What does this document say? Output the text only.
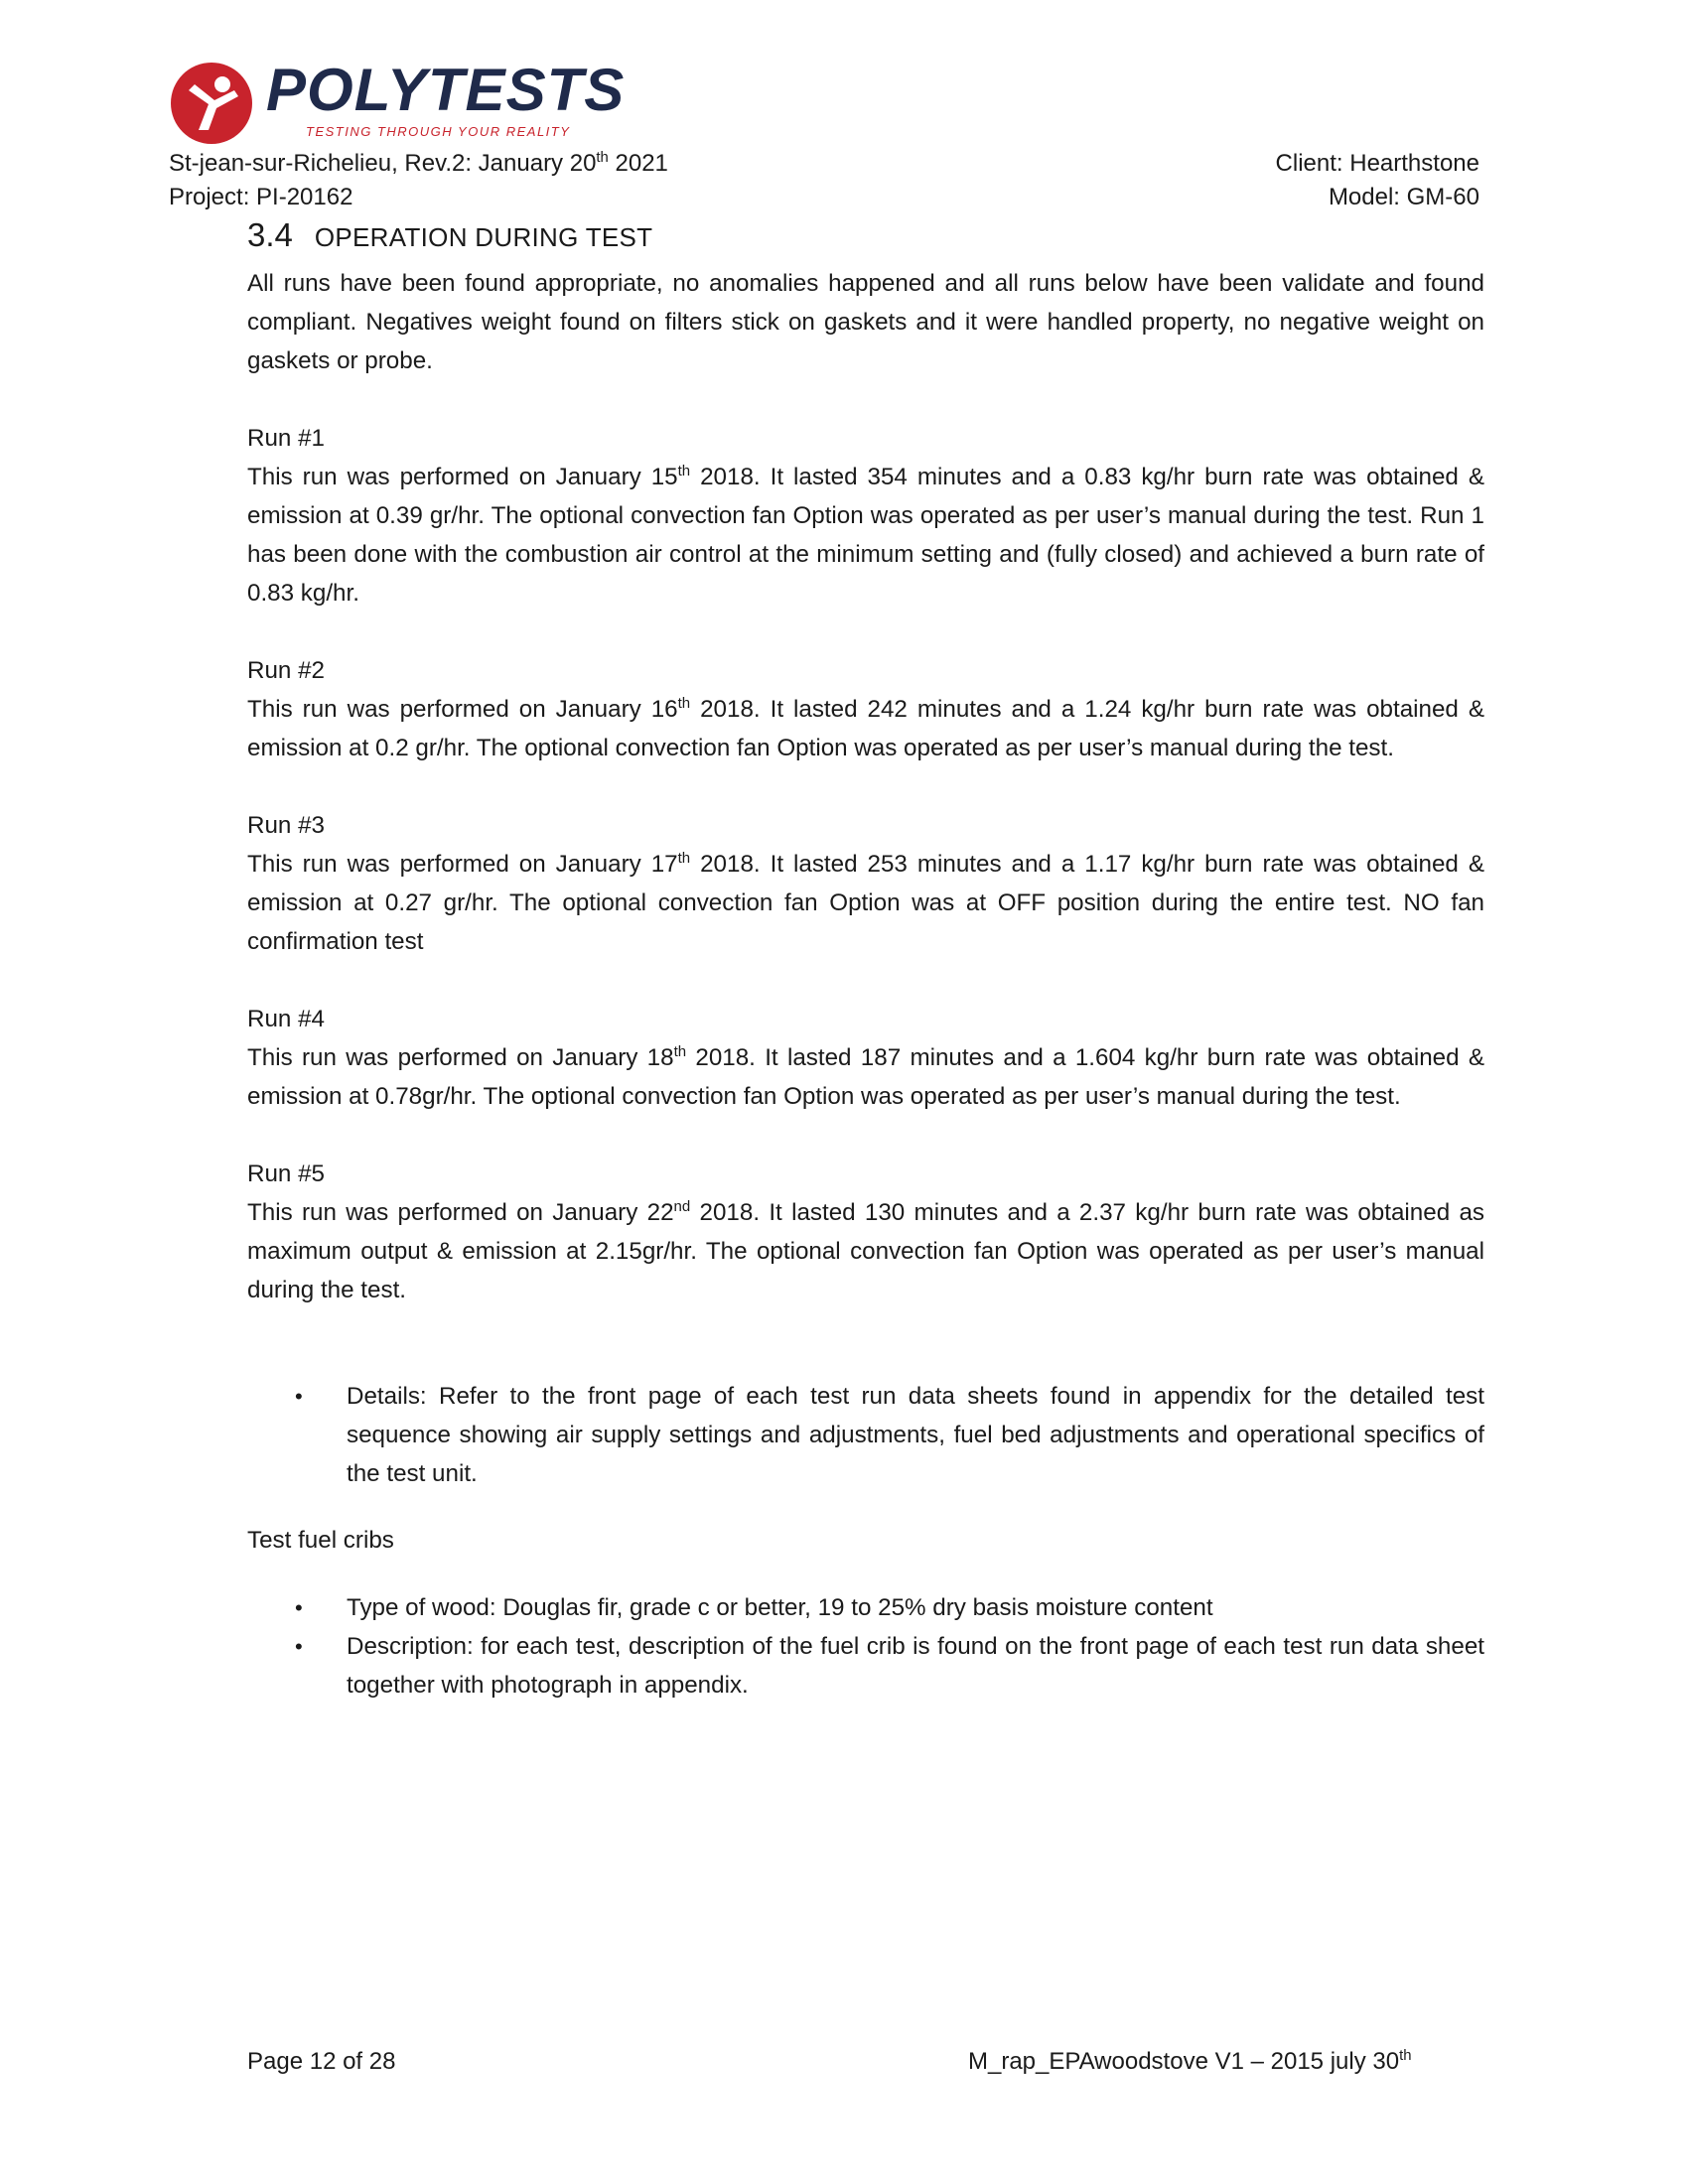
POLYTESTS
TESTING THROUGH YOUR REALITY
St-jean-sur-Richelieu, Rev.2: January 20th 2021
Project: PI-20162
Client: Hearthstone
Model: GM-60
3.4 OPERATION DURING TEST

All runs have been found appropriate, no anomalies happened and all runs below have been validate and found compliant. Negatives weight found on filters stick on gaskets and it were handled property, no negative weight on gaskets or probe.

Run #1

This run was performed on January 15th 2018. It lasted 354 minutes and a 0.83 kg/hr burn rate was obtained & emission at 0.39 gr/hr. The optional convection fan Option was operated as per user’s manual during the test. Run 1 has been done with the combustion air control at the minimum setting and (fully closed) and achieved a burn rate of 0.83 kg/hr.

Run #2

This run was performed on January 16th 2018. It lasted 242 minutes and a 1.24 kg/hr burn rate was obtained & emission at 0.2 gr/hr. The optional convection fan Option was operated as per user’s manual during the test.

Run #3

This run was performed on January 17th 2018. It lasted 253 minutes and a 1.17 kg/hr burn rate was obtained & emission at 0.27 gr/hr. The optional convection fan Option was at OFF position during the entire test. NO fan confirmation test

Run #4

This run was performed on January 18th 2018. It lasted 187 minutes and a 1.604 kg/hr burn rate was obtained & emission at 0.78gr/hr. The optional convection fan Option was operated as per user’s manual during the test.

Run #5

This run was performed on January 22nd 2018. It lasted 130 minutes and a 2.37 kg/hr burn rate was obtained as maximum output & emission at 2.15gr/hr. The optional convection fan Option was operated as per user’s manual during the test.

• Details: Refer to the front page of each test run data sheets found in appendix for the detailed test sequence showing air supply settings and adjustments, fuel bed adjustments and operational specifics of the test unit.

Test fuel cribs

• Type of wood: Douglas fir, grade c or better, 19 to 25% dry basis moisture content
• Description: for each test, description of the fuel crib is found on the front page of each test run data sheet together with photograph in appendix.
Page 12 of 28	M_rap_EPAwoodstove V1 – 2015 july 30th
